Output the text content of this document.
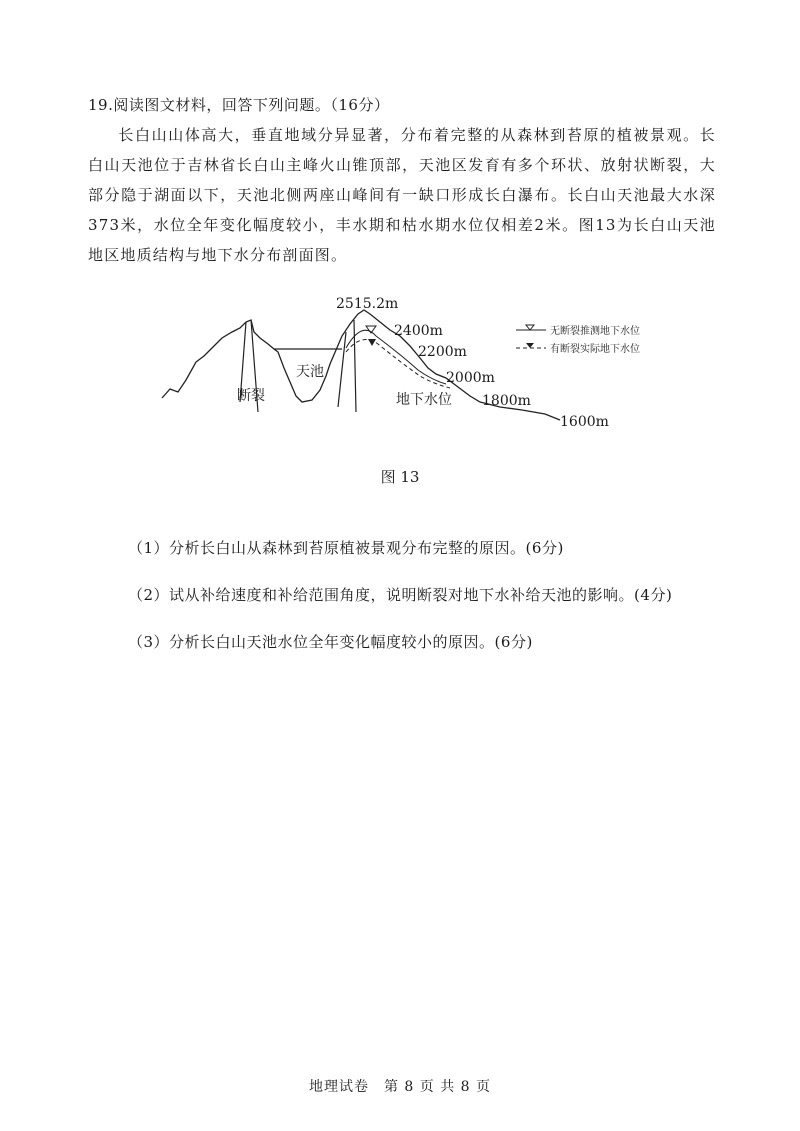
19.阅读图文材料，回答下列问题。（16分）
长白山山体高大，垂直地域分异显著，分布着完整的从森林到苔原的植被景观。长白山天池位于吉林省长白山主峰火山锥顶部，天池区发育有多个环状、放射状断裂，大部分隐于湖面以下，天池北侧两座山峰间有一缺口形成长白瀑布。长白山天池最大水深373米，水位全年变化幅度较小，丰水期和枯水期水位仅相差2米。图13为长白山天池地区地质结构与地下水分布剖面图。
2515.2m
2400m
2200m
2000m
1800m
1600m
天池
断裂	地下水位
无断裂推测地下水位
有断裂实际地下水位
图 13
（1）分析长白山从森林到苔原植被景观分布完整的原因。(6分)
（2）试从补给速度和补给范围角度，说明断裂对地下水补给天池的影响。(4分)
（3）分析长白山天池水位全年变化幅度较小的原因。(6分)
地理试卷　第 8 页 共 8 页
